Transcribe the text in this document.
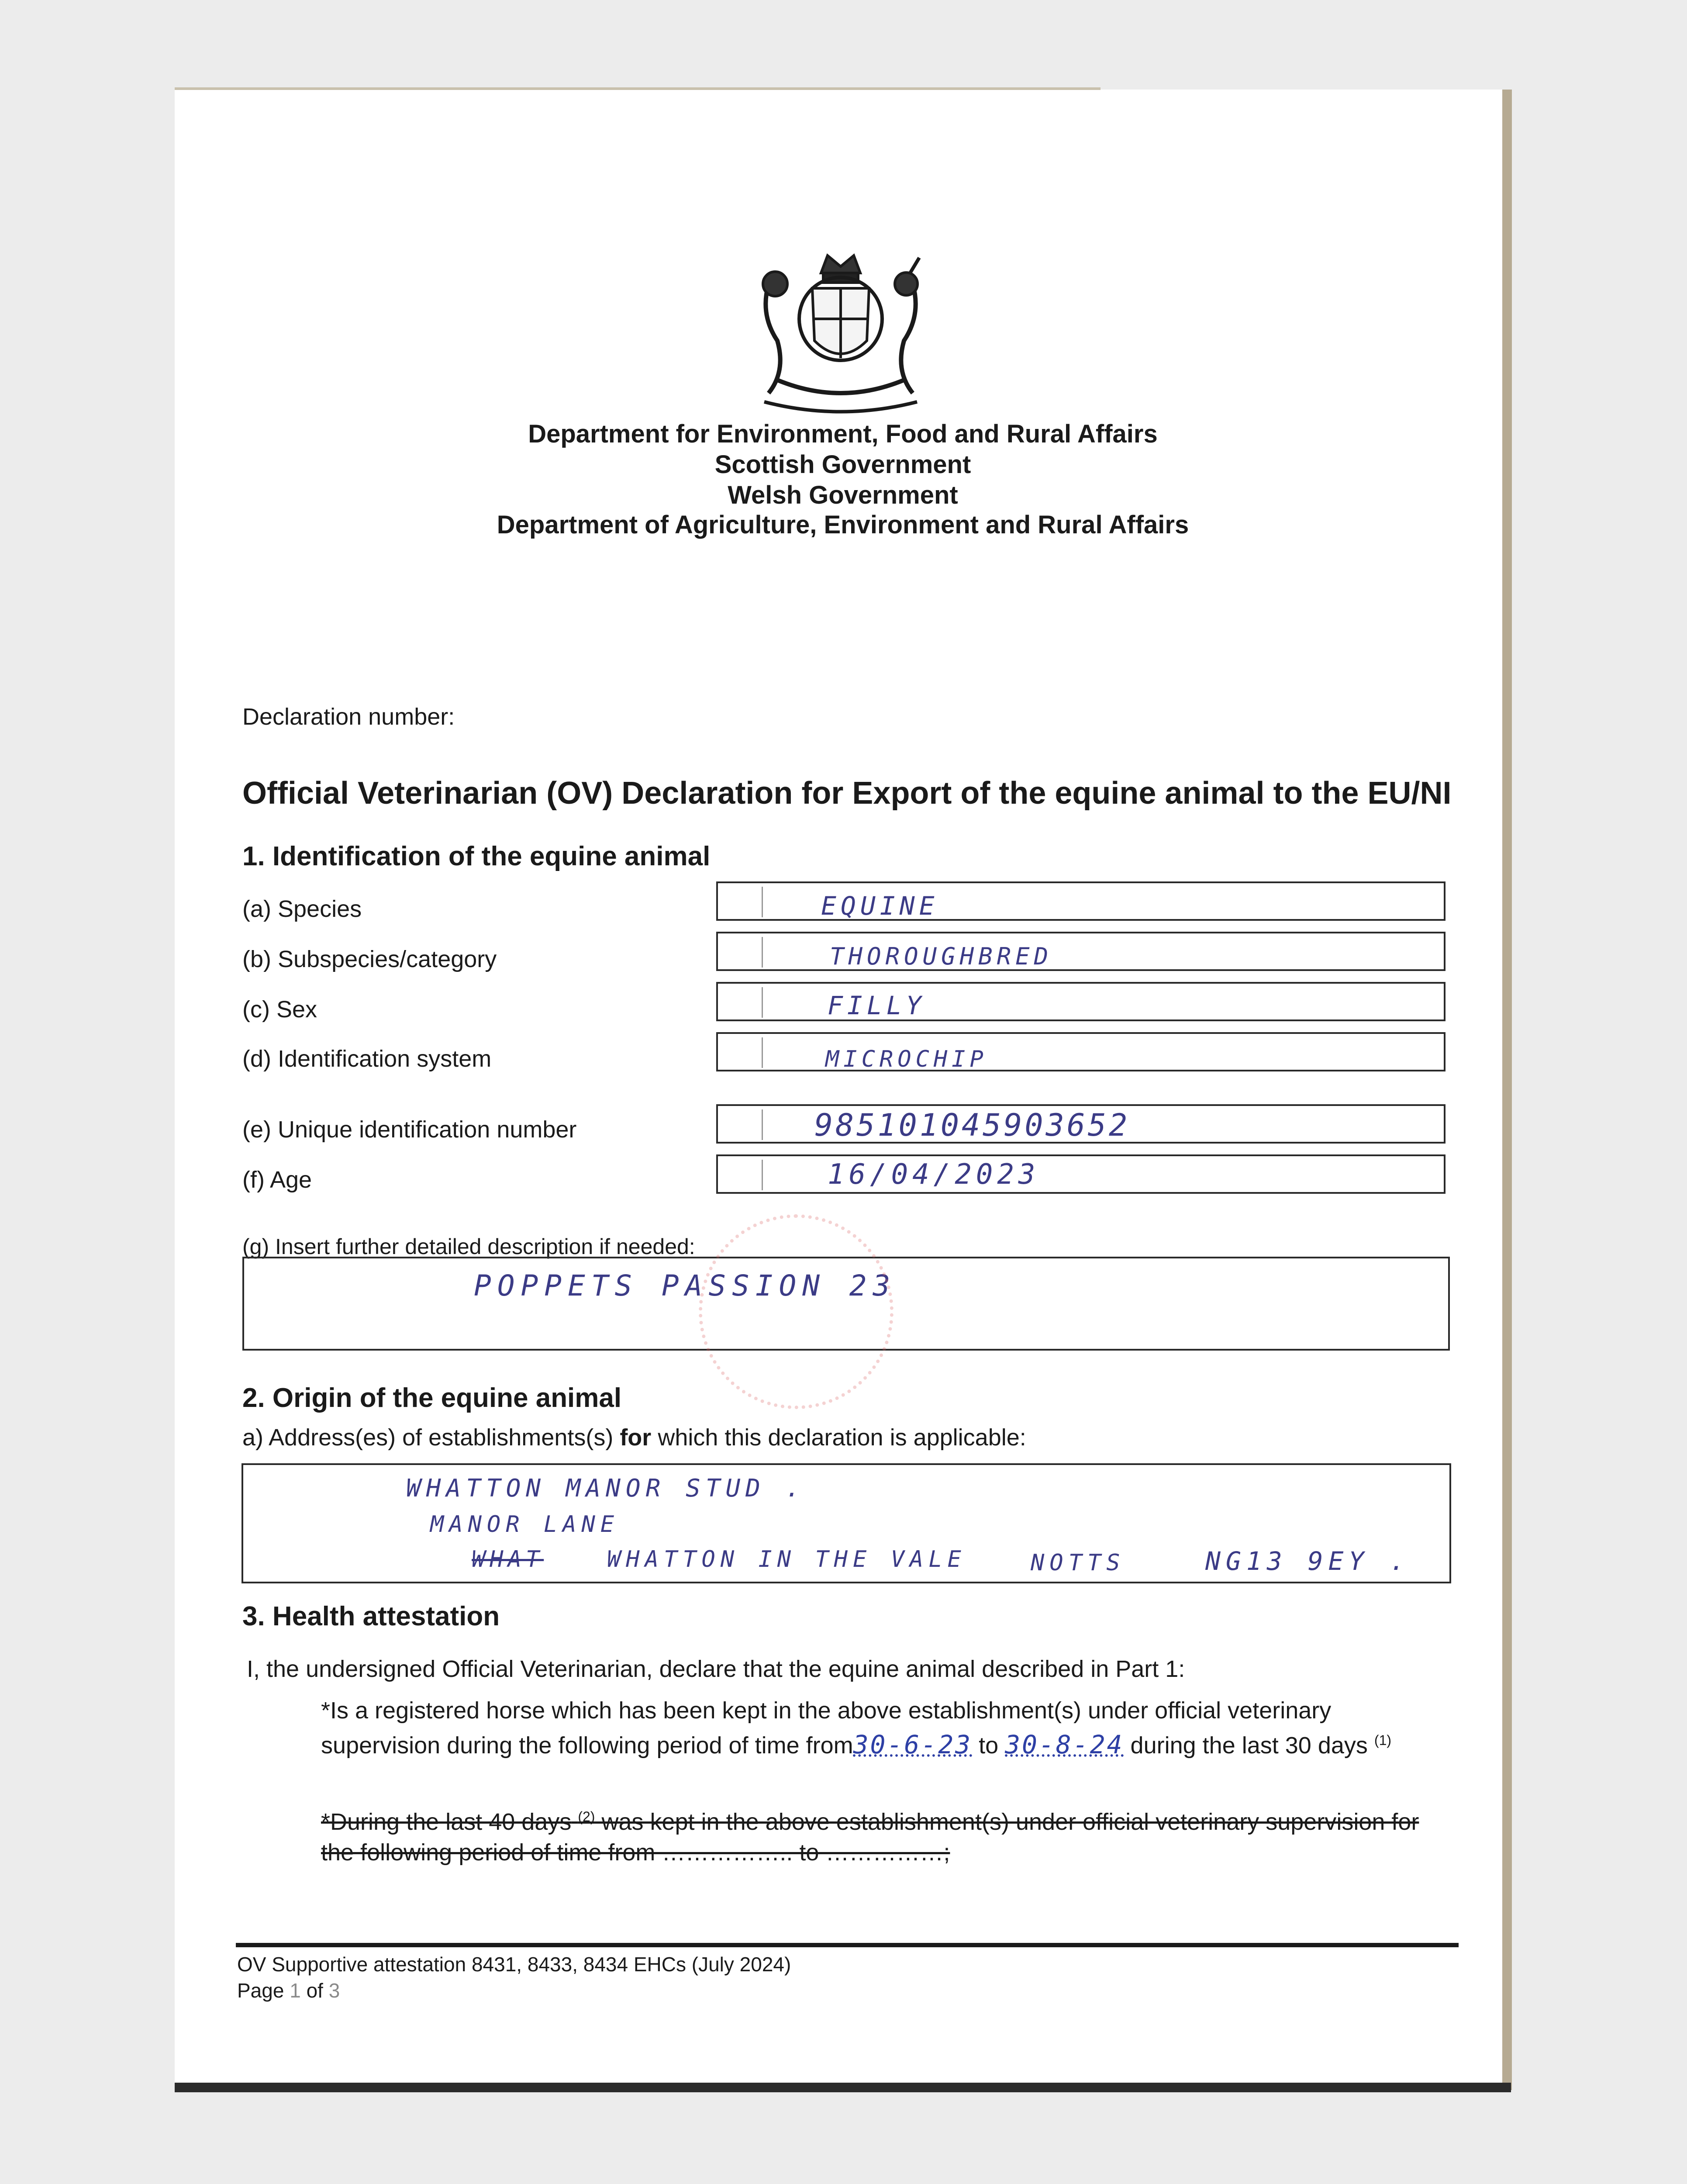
Department for Environment, Food and Rural Affairs
Scottish Government
Welsh Government
Department of Agriculture, Environment and Rural Affairs
Declaration number:
Official Veterinarian (OV) Declaration for Export of the equine animal to the EU/NI
1. Identification of the equine animal
(a) Species	EQUINE
(b) Subspecies/category	THOROUGHBRED
(c) Sex	FILLY
(d) Identification system	MICROCHIP
(e) Unique identification number	985101045903652
(f) Age	16/04/2023
(g) Insert further detailed description if needed:
POPPETS PASSION 23
2. Origin of the equine animal
a) Address(es) of establishments(s) for which this declaration is applicable:
WHATTON MANOR STUD .
MANOR LANE
WHAT	WHATTON IN THE VALE	NOTTS	NG13 9EY .
3. Health attestation
I, the undersigned Official Veterinarian, declare that the equine animal described in Part 1:
*Is a registered horse which has been kept in the above establishment(s) under official veterinary
supervision during the following period of time from30-6-23 to 30-8-24 during the last 30 days $^{(1)}$
*During the last 40 days $^{(2)}$ was kept in the above establishment(s) under official veterinary supervision for
the following period of time from …………….. to ……………;
OV Supportive attestation 8431, 8433, 8434 EHCs (July 2024)
Page 1 of 3
